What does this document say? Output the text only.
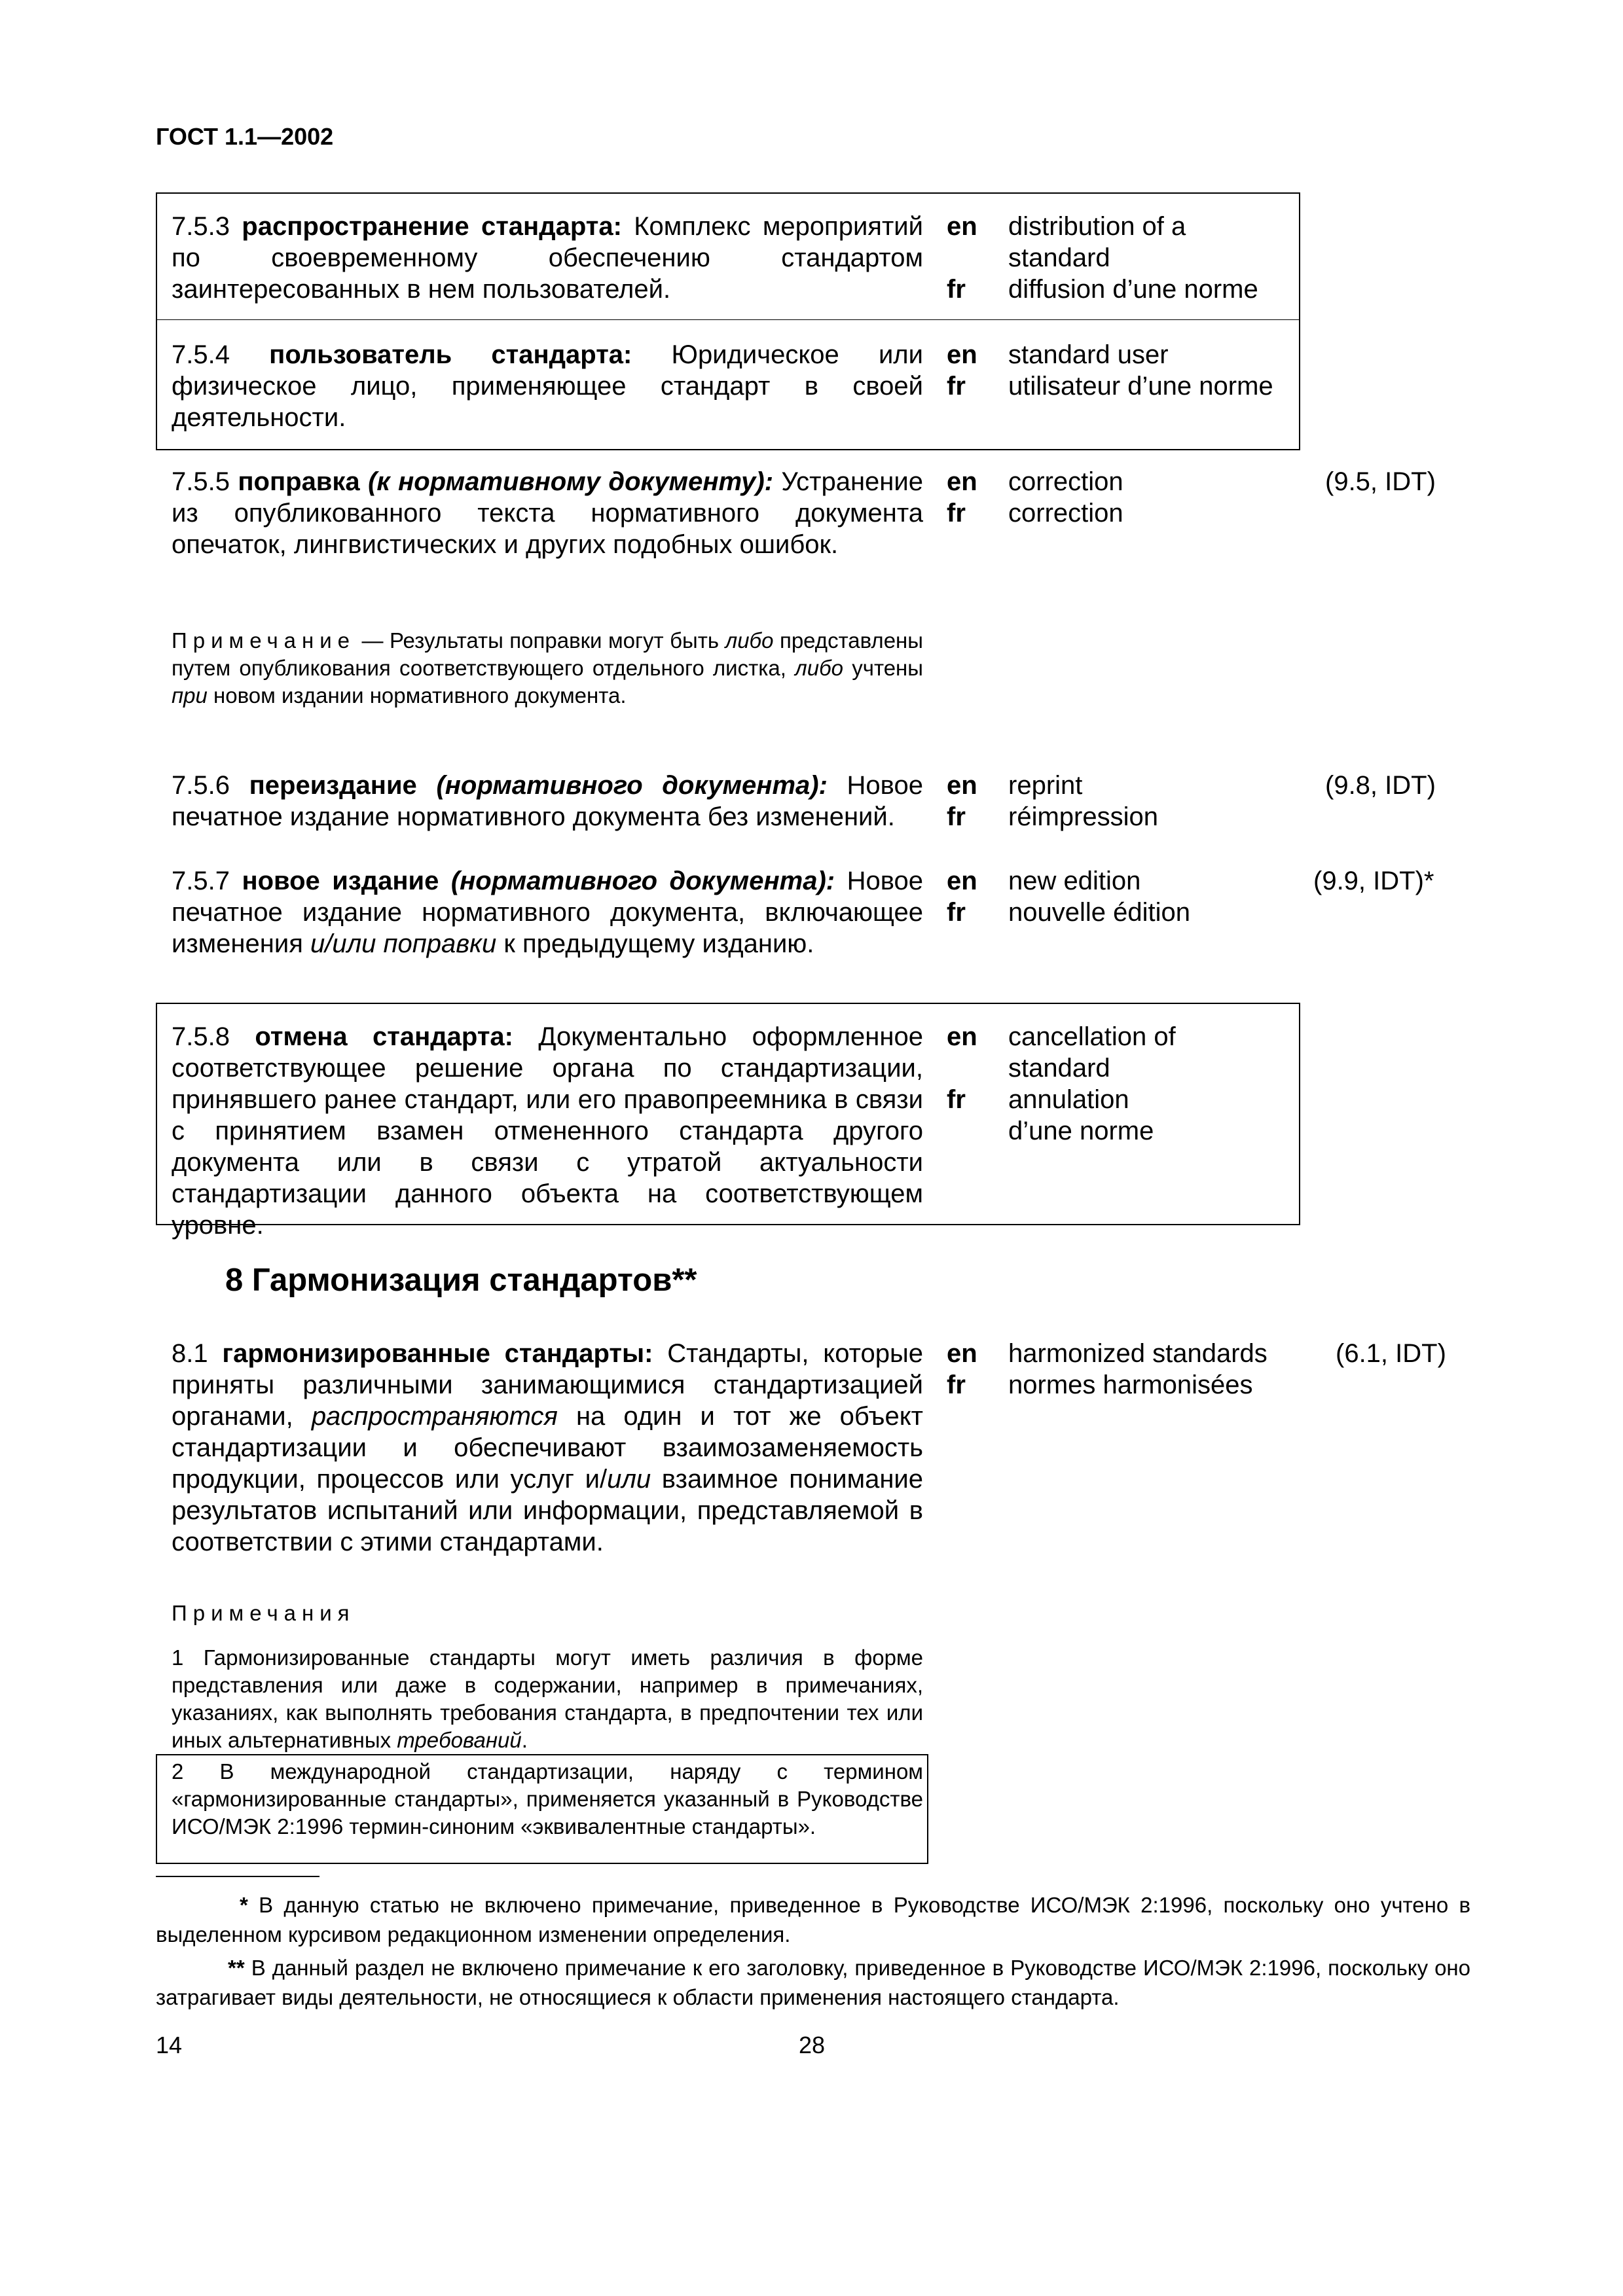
ГОСТ 1.1—2002
7.5.3 распространение стандарта: Комплекс мероприятий по своевременному обеспечению стандартом заинтересованных в нем пользователей.
en
fr
distribution of a standard
diffusion d’une norme
7.5.4 пользователь стандарта: Юридическое или физическое лицо, применяющее стандарт в своей деятельности.
en
fr
standard user
utilisateur d’une norme
7.5.5 поправка (к нормативному документу): Устранение из опубликованного текста нормативного документа опечаток, лингвистических и других подобных ошибок.
en
fr
correction
correction
(9.5, IDT)
Примечание — Результаты поправки могут быть либо представлены путем опубликования соответствующего отдельного листка, либо учтены при новом издании нормативного документа.
7.5.6 переиздание (нормативного документа): Новое печатное издание нормативного документа без изменений.
en
fr
reprint
réimpression
(9.8, IDT)
7.5.7 новое издание (нормативного документа): Новое печатное издание нормативного документа, включающее изменения и/или поправки к предыдущему изданию.
en
fr
new edition
nouvelle édition
(9.9, IDT)*
7.5.8 отмена стандарта: Документально оформленное соответствующее решение органа по стандартизации, принявшего ранее стандарт, или его правопреемника в связи с принятием взамен отмененного стандарта другого документа или в связи с утратой актуальности стандартизации данного объекта на соответствующем уровне.
en
fr
cancellation of standard
annulation d’une norme
8 Гармонизация стандартов**
8.1 гармонизированные стандарты: Стандарты, которые приняты различными занимающимися стандартизацией органами, распространяются на один и тот же объект стандартизации и обеспечивают взаимозаменяемость продукции, процессов или услуг и/или взаимное понимание результатов испытаний или информации, представляемой в соответствии с этими стандартами.
en
fr
harmonized standards
normes harmonisées
(6.1, IDT)
Примечания
1 Гармонизированные стандарты могут иметь различия в форме представления или даже в содержании, например в примечаниях, указаниях, как выполнять требования стандарта, в предпочтении тех или иных альтернативных требований.
2 В международной стандартизации, наряду с термином «гармонизированные стандарты», применяется указанный в Руководстве ИСО/МЭК 2:1996 термин-синоним «эквивалентные стандарты».
* В данную статью не включено примечание, приведенное в Руководстве ИСО/МЭК 2:1996, поскольку оно учтено в выделенном курсивом редакционном изменении определения.
** В данный раздел не включено примечание к его заголовку, приведенное в Руководстве ИСО/МЭК 2:1996, поскольку оно затрагивает виды деятельности, не относящиеся к области применения настоящего стандарта.
14	28
